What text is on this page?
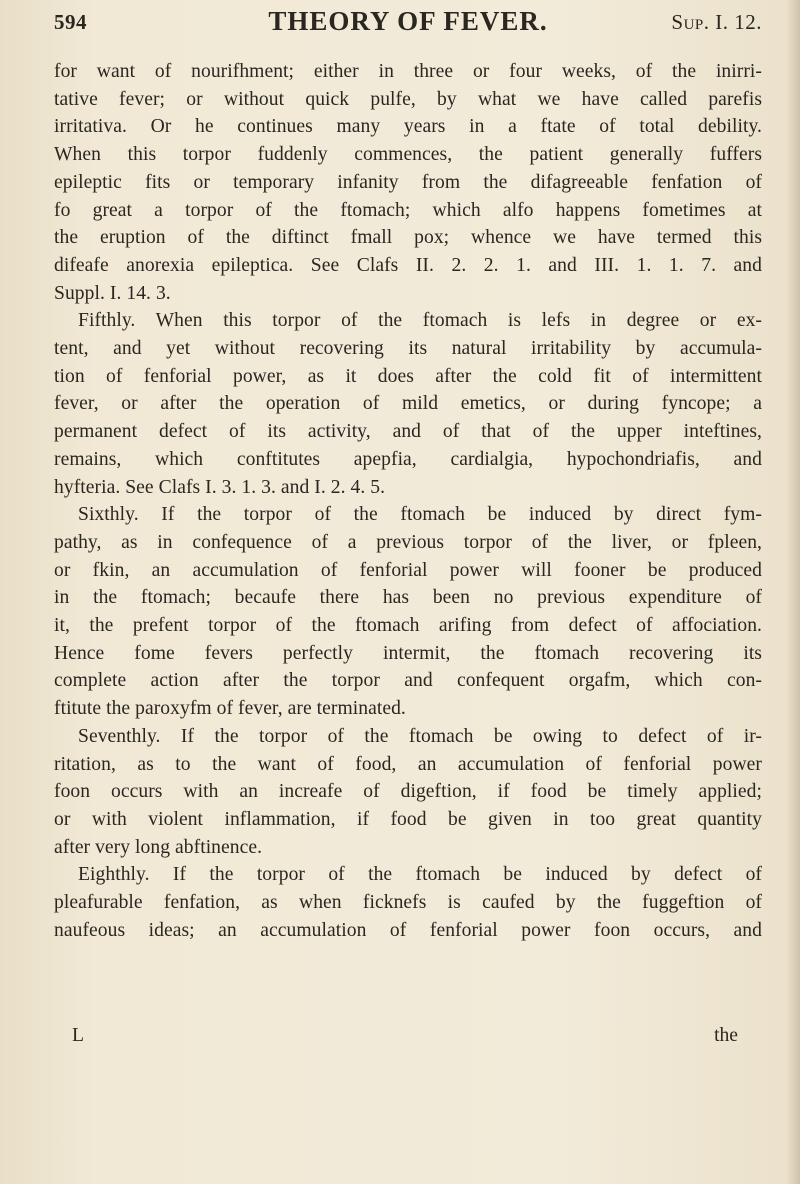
594	THEORY OF FEVER.	Sup. I. 12.
for want of nourifhment; either in three or four weeks, of the inirri-
tative fever; or without quick pulfe, by what we have called parefis
irritativa. Or he continues many years in a ftate of total debility.
When this torpor fuddenly commences, the patient generally fuffers
epileptic fits or temporary infanity from the difagreeable fenfation of
fo great a torpor of the ftomach; which alfo happens fometimes at
the eruption of the diftinct fmall pox; whence we have termed this
difeafe anorexia epileptica. See Clafs II. 2. 2. 1. and III. 1. 1. 7. and
Suppl. I. 14. 3.
Fifthly. When this torpor of the ftomach is lefs in degree or ex-
tent, and yet without recovering its natural irritability by accumula-
tion of fenforial power, as it does after the cold fit of intermittent
fever, or after the operation of mild emetics, or during fyncope; a
permanent defect of its activity, and of that of the upper inteftines,
remains, which conftitutes apepfia, cardialgia, hypochondriafis, and
hyfteria. See Clafs I. 3. 1. 3. and I. 2. 4. 5.
Sixthly. If the torpor of the ftomach be induced by direct fym-
pathy, as in confequence of a previous torpor of the liver, or fpleen,
or fkin, an accumulation of fenforial power will fooner be produced
in the ftomach; becaufe there has been no previous expenditure of
it, the prefent torpor of the ftomach arifing from defect of affociation.
Hence fome fevers perfectly intermit, the ftomach recovering its
complete action after the torpor and confequent orgafm, which con-
ftitute the paroxyfm of fever, are terminated.
Seventhly. If the torpor of the ftomach be owing to defect of ir-
ritation, as to the want of food, an accumulation of fenforial power
foon occurs with an increafe of digeftion, if food be timely applied;
or with violent inflammation, if food be given in too great quantity
after very long abftinence.
Eighthly. If the torpor of the ftomach be induced by defect of
pleafurable fenfation, as when ficknefs is caufed by the fuggeftion of
naufeous ideas; an accumulation of fenforial power foon occurs, and
L	the
